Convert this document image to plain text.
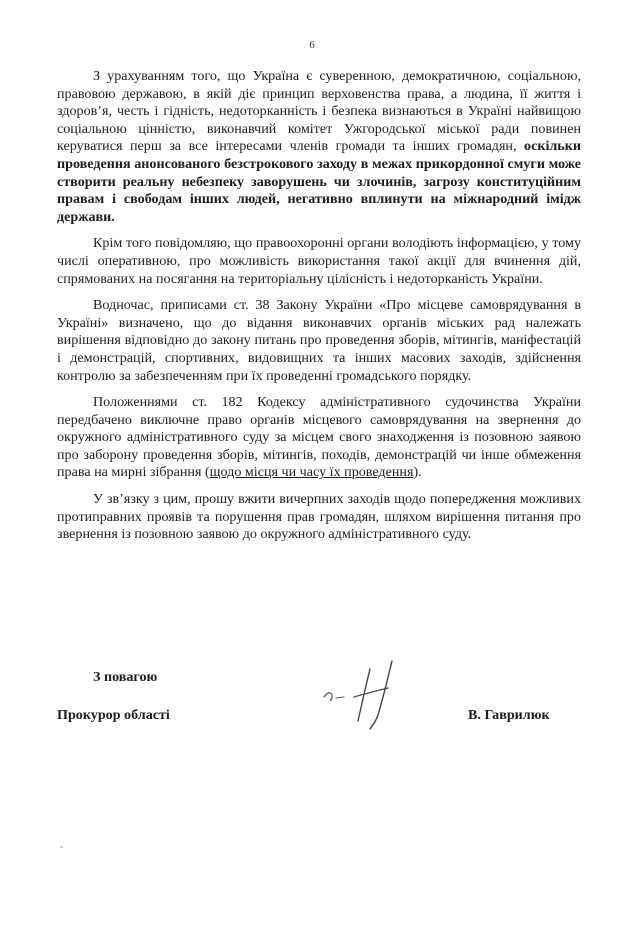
6

З урахуванням того, що Україна є суверенною, демократичною, соціальною, правовою державою, в якій діє принцип верховенства права, а людина, її життя і здоров’я, честь і гідність, недоторканність і безпека визнаються в Україні найвищою соціальною цінністю, виконавчий комітет Ужгородської міської ради повинен керуватися перш за все інтересами членів громади та інших громадян, оскільки проведення анонсованого безстрокового заходу в межах прикордонної смуги може створити реальну небезпеку заворушень чи злочинів, загрозу конституційним правам і свободам інших людей, негативно вплинути на міжнародний імідж держави.

Крім того повідомляю, що правоохоронні органи володіють інформацією, у тому числі оперативною, про можливість використання такої акції для вчинення дій, спрямованих на посягання на територіальну цілісність і недоторканість України.

Водночас, приписами ст. 38 Закону України «Про місцеве самоврядування в Україні» визначено, що до відання виконавчих органів міських рад належать вирішення відповідно до закону питань про проведення зборів, мітингів, маніфестацій і демонстрацій, спортивних, видовищних та інших масових заходів, здійснення контролю за забезпеченням при їх проведенні громадського порядку.

Положеннями ст. 182 Кодексу адміністративного судочинства України передбачено виключне право органів місцевого самоврядування на звернення до окружного адміністративного суду за місцем свого знаходження із позовною заявою про заборону проведення зборів, мітингів, походів, демонстрацій чи інше обмеження права на мирні зібрання (щодо місця чи часу їх проведення).

У зв’язку з цим, прошу вжити вичерпних заходів щодо попередження можливих протиправних проявів та порушення прав громадян, шляхом вирішення питання про звернення із позовною заявою до окружного адміністративного суду.

З повагою
Прокурор області	В. Гаврилюк
